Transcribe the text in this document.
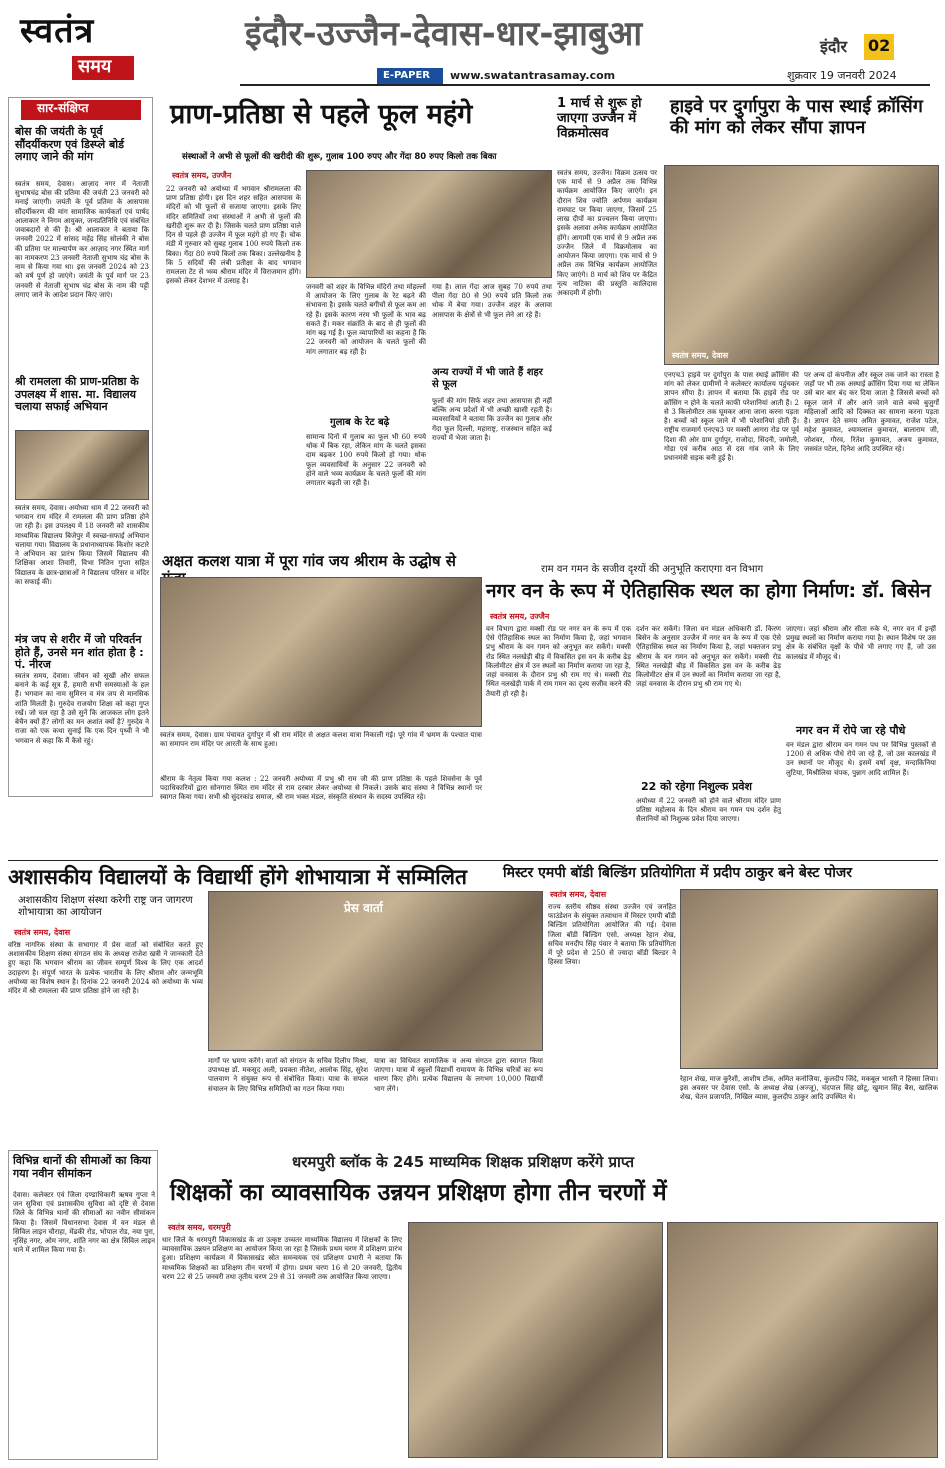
स्वतंत्र
समय
इंदौर-उज्जैन-देवास-धार-झाबुआ
E-PAPER www.swatantrasamay.com
इंदौर 02
शुक्रवार 19 जनवरी 2024
सार-संक्षिप्त
बोस की जयंती के पूर्व सौंदर्यीकरण एवं डिस्प्ले बोर्ड लगाए जाने की मांग
स्वतंत्र समय, देवास। आज़ाद नगर में नेताजी सुभाषचंद्र बोस की प्रतिमा की जयंती 23 जनवरी को मनाई जाएगी। जयंती के पूर्व प्रतिमा के आसपास सौंदर्यीकरण की मांग सामाजिक कार्यकर्ता एवं पार्षद आलाकार ने निगम आयुक्त, जनप्रतिनिधि एवं संबंधित जवाबदारों से की है। श्री आलाकार ने बताया कि जनवरी 2022 में सांसद महेंद्र सिंह सोलंकी ने बोस की प्रतिमा पर माल्यार्पण कर आज़ाद नगर स्थित मार्ग का नामकरण 23 जनवरी नेताजी सुभाष चंद्र बोस के नाम से किया गया था। इस जनवरी 2024 को 23 को वर्ष पूर्ण हो जाएंगे। जयंती के पूर्व मार्ग पर 23 जनवरी से नेताजी सुभाष चंद्र बोस के नाम की पट्टी लगाए जाने के आदेश प्रदान किए जाएं।
श्री रामलला की प्राण-प्रतिष्ठा के उपलक्ष्य में शास. मा. विद्यालय चलाया सफाई अभियान
स्वतंत्र समय, देवास। अयोध्या धाम में 22 जनवरी को भगवान राम मंदिर में रामलला की प्राण प्रतिष्ठा होने जा रही है। इस उपलक्ष्य में 18 जनवरी को शासकीय माध्यमिक विद्यालय बिजेपुर में स्वच्छ-सफाई अभियान चलाया गया। विद्यालय के प्रधानाध्यापक किशोर कटारे ने अभियान का प्रारंभ किया जिसमें विद्यालय की शिक्षिका आशा तिवारी, विभा नितिन गुप्ता सहित विद्यालय के छात्र-छात्राओं ने विद्यालय परिसर व मंदिर का सफाई की।
मंत्र जप से शरीर में जो परिवर्तन होते हैं, उनसे मन शांत होता है : पं. नीरज
स्वतंत्र समय, देवास। जीवन को सूखी और सफल बनाने के कई सूत्र हैं, हमारी सभी समस्याओं के हल हैं। भगवान का नाम सुमिरन व मंत्र जप से मानसिक शांति मिलती है। गुरुदेव राजयोग शिक्षा को कहा गुप्त रखें। जो चल रहा है उसे सुनें कि आजकल लोग इतने बेचैन क्यों हैं? लोगों का मन अशांत क्यों है? गुरुदेव ने राजा को एक कथा सुनाई कि एक दिन पृथ्वी ने भी भगवान से कहा कि मैं कैसे रहूं।
प्राण-प्रतिष्ठा से पहले फूल महंगे
संस्थाओं ने अभी से फूलों की खरीदी की शुरू, गुलाब 100 रुपए और गेंदा 80 रुपए किलो तक बिका
स्वतंत्र समय, उज्जैन
22 जनवरी को अयोध्या में भगवान श्रीरामलला की प्राण प्रतिष्ठा होगी। इस दिन शहर सहित आसपास के मंदिरों को भी फूलों से सजाया जाएगा। इसके लिए मंदिर समितियों तथा संस्थाओं ने अभी से फूलों की खरीदी शुरू कर दी है। जिसके चलते प्राण प्रतिष्ठा वाले दिन से पहले ही उज्जैन में फूल महंगे हो गए हैं। चोक मंडी में गुरुवार को सुबह गुलाब 100 रुपये किलो तक बिका। गेंदा 80 रुपये किलो तक बिका। उल्लेखनीय है कि 5 सदियों की लंबी प्रतीक्षा के बाद भगवान रामलला टेंट से भव्य श्रीराम मंदिर में विराजमान होंगे। इसको लेकर देशभर में उत्साह है।
जनवरी को शहर के विभिन्न मंदिरों तथा मोहल्लों में आयोजन के लिए गुलाब के रेट बढ़ने की संभावना है। इसके चलते बगीचों से फूल कम आ रहे हैं। इसके कारण नरम भी फूलों के भाव बढ़ सकते हैं। मकर संक्रांति के बाद से ही फूलों की मांग बढ़ गई है। फूल व्यापारियों का कहना है कि 22 जनवरी को आयोजन के चलते फूलों की मांग लगातार बढ़ रही है।
गया है। लाल गेंदा आज सुबह 70 रुपये तथा पीला गेंदा 80 से 90 रुपये प्रति किलो तक थोक में बेचा गया। उज्जैन शहर के अलावा आसपास के क्षेत्रों से भी फूल लेने आ रहे हैं।
गुलाब के रेट बढ़े
सामान्य दिनों में गुलाब का फूल भी 60 रुपये थोक में बिक रहा, लेकिन मांग के चलते इसका दाम बढ़कर 100 रुपये किलो हो गया। थोक फूल व्यवसायियों के अनुसार 22 जनवरी को होने वाले भव्य कार्यक्रम के चलते फूलों की मांग लगातार बढ़ती जा रही है।
अन्य राज्यों में भी जाते हैं शहर से फूल
फूलों की मांग सिर्फ शहर तथा आसपास ही नहीं बल्कि अन्य प्रदेशों में भी अच्छी खासी रहती है। व्यवसायियों ने बताया कि उज्जैन का गुलाब और गेंदा फूल दिल्ली, महाराष्ट्र, राजस्थान सहित कई राज्यों में भेजा जाता है।
1 मार्च से शुरू हो जाएगा उज्जैन में विक्रमोत्सव
स्वतंत्र समय, उज्जैन। विक्रम उत्सव पर एक मार्च से 9 अप्रैल तक विभिन्न कार्यक्रम आयोजित किए जाएंगे। इन दौरान शिव ज्योति अर्पणम कार्यक्रम रामघाट पर किया जाएगा, जिसमें 25 लाख दीपों का प्रज्वलन किया जाएगा। इसके अलावा अनेक कार्यक्रम आयोजित होंगे। आगामी एक मार्च से 9 अप्रैल तक उज्जैन जिले में विक्रमोत्सव का आयोजन किया जाएगा। एक मार्च से 9 अप्रैल तक विभिन्न कार्यक्रम आयोजित किए जाएंगे। 8 मार्च को शिव पर केंद्रित नृत्य नाटिका की प्रस्तुति कालिदास अकादमी में होगी।
हाइवे पर दुर्गापुरा के पास स्थाई क्रॉसिंग की मांग को लेकर सौंपा ज्ञापन
स्वतंत्र समय, देवास
एनएच3 हाइवे पर दुर्गापुरा के पास स्थाई क्रॉसिंग की मांग को लेकर ग्रामीणों ने कलेक्टर कार्यालय पहुंचकर ज्ञापन सौंपा है। ज्ञापन में बताया कि हाइवे रोड पर क्रॉसिंग न होने के चलते काफी परेशानियां आती हैं। 2 से 3 किलोमीटर तक घूमकर आना जाना करना पड़ता है। बच्चों को स्कूल जाने में भी परेशानियां होती हैं। राष्ट्रीय राजमार्ग एनएच3 पर मक्सी आगरा रोड पर पूर्व दिशा की ओर ग्राम दुर्गापुर, राजोदा, सिंदनी, जमोली, गोडा एवं करीब आठ से दस गांव जाने के लिए प्रधानमंत्री सड़क बनी हुई है।
पर अन्य दो कंपनीज और स्कूल तक जाने का रास्ता है जहाँ पर भी तक अस्थाई क्रॉसिंग दिया गया था लेकिन उसे बार बार बंद कर दिया जाता है जिससे बच्चों को स्कूल जाने में और आने जाने वाले बच्चे बुजुर्गों महिलाओं आदि को दिक्कत का सामना करना पड़ता है। ज्ञापन देते समय अमित कुमावत, राजेश पटेल, महेश कुमावत, श्यामलाल कुमावत, बालाराम जी, जोशवर, गौरव, रितेश कुमावत, अजय कुमावत, जसवंत पटेल, दिनेश आदि उपस्थित रहे।
अक्षत कलश यात्रा में पूरा गांव जय श्रीराम के उद्घोष से
स्वतंत्र समय, देवास। ग्राम पंचायत दुर्गापुर में श्री राम मंदिर से अक्षत कलश यात्रा निकाली गई। पूरे गांव में भ्रमण के पश्चात यात्रा का समापन राम मंदिर पर आरती के साथ हुआ।
श्रीराम के नेतृत्व किया गया कलश : 22 जनवरी अयोध्या में प्रभु श्री राम जी की प्राण प्रतिष्ठा के पहले शिवसेना के पूर्व पदाधिकारियों द्वारा सोनगारा स्थित राम मंदिर से राम दरबार लेकर अयोध्या से निकले। उसके बाद संस्था ने विभिन्न स्थानों पर स्वागत किया गया। सभी श्री सुंदरकांड समाज, श्री राम भक्त मंडल, संस्कृति संस्थान के सदस्य उपस्थित रहे।
राम वन गमन के सजीव दृश्यों की अनुभूति कराएगा वन विभाग
नगर वन के रूप में ऐतिहासिक स्थल का होगा निर्माण: डॉ. बिसेन
स्वतंत्र समय, उज्जैन
वन विभाग द्वारा मक्सी रोड पर नगर वन के रूप में एक ऐसे ऐतिहासिक स्थल का निर्माण किया है, जहां भगवान प्रभु श्रीराम के वन गमन को अनुभूत कर सकेंगे। मक्सी रोड स्थित नलखेड़ी बीड़ में विकसित इस वन के करीब ढेड़ किलोमीटर क्षेत्र में उन स्थलों का निर्माण कराया जा रहा है, जहां वनवास के दौरान प्रभु श्री राम गए थे। मक्सी रोड स्थित नलखेड़ी पार्क में राम गमन का दृश्य सजीव करने की तैयारी हो रही है।
दर्शन कर सकेंगे। जिला वन मंडल अधिकारी डॉ. किरण बिसेन के अनुसार उज्जैन में नगर वन के रूप में एक ऐसे ऐतिहासिक स्थल का निर्माण किया है, जहां भक्तजन प्रभु श्रीराम के वन गमन को अनुभूत कर सकेंगे। मक्सी रोड स्थित नलखेड़ी बीड़ में विकसित इस वन के करीब ढेड़ किलोमीटर क्षेत्र में उन स्थलों का निर्माण कराया जा रहा है, जहां वनवास के दौरान प्रभु श्री राम गए थे।
22 को रहेगा निशुल्क प्रवेश
अयोध्या में 22 जनवरी को होने वाले श्रीराम मंदिर प्राण प्रतिष्ठा महोत्सव के दिन श्रीराम वन गमन पथ दर्शन हेतु सैलानियों को निशुल्क प्रवेश दिया जाएगा।
जाएगा। जहां श्रीराम और सीता रुके थे, नगर वन में इन्हीं प्रमुख स्थलों का निर्माण कराया गया है। स्थान विशेष पर उस क्षेत्र के संबंधित वृक्षों के पौधे भी लगाए गए हैं, जो उस कालखंड में मौजूद थे।
नगर वन में रोपे जा रहे पौधे
वन मंडल द्वारा श्रीराम वन गमन पथ पर विभिन्न पुस्तकों से 1200 से अधिक पौधे रोपे जा रहे हैं, जो उस कालखंड में उन स्थानों पर मौजूद थे। इसमें वर्षा वृक्ष, मन्दाकिनिया लुटिया, मिश्रीलिया चंपक, पुन्नाग आदि शामिल हैं।
अशासकीय विद्यालयों के विद्यार्थी होंगे शोभायात्रा में सम्मिलित
अशासकीय शिक्षण संस्था करेगी राष्ट्र जन जागरण शोभायात्रा का आयोजन
स्वतंत्र समय, देवास
वरिष्ठ नागरिक संस्था के सभागार में प्रेस वार्ता को संबोधित करते हुए अशासकीय शिक्षण संस्था संगठन संघ के अध्यक्ष राजेश खत्री ने जानकारी देते हुए कहा कि भगवान श्रीराम का जीवन सम्पूर्ण विश्व के लिए एक आदर्श उदाहरण है। संपूर्ण भारत के प्रत्येक भारतीय के लिए श्रीराम और जन्मभूमि अयोध्या का विशेष स्थान है। दिनांक 22 जनवरी 2024 को अयोध्या के भव्य मंदिर में श्री रामलला की प्राण प्रतिष्ठा होने जा रही है।
प्रेस वार्ता
मार्गों पर भ्रमण करेंगे। वार्ता को संगठन के सचिव दिलीप मिश्रा, उपाध्यक्ष डॉ. मकसूद अली, प्रवक्ता नीतेश, आलोक सिंह, सुरेश पालवाण ने संयुक्त रूप से संबोधित किया। यात्रा के सफल संचालन के लिए विभिन्न समितियों का गठन किया गया।
यात्रा का विधिवत सामाजिक व अन्य संगठन द्वारा स्वागत किया जाएगा। यात्रा में स्कूलों विद्यार्थी रामायण के विभिन्न चरित्रों का रूप धारण किए होंगे। प्रत्येक विद्यालय के लगभग 10,000 विद्यार्थी भाग लेंगे।
मिस्टर एमपी बॉडी बिल्डिंग प्रतियोगिता में प्रदीप ठाकुर बने बेस्ट पोजर
स्वतंत्र समय, देवास
राज्य स्तरीय सौष्ठव संस्था उज्जैन एवं जनहित फाउंडेशन के संयुक्त तत्वाधान में मिस्टर एमपी बॉडी बिल्डिंग प्रतियोगिता आयोजित की गई। देवास जिला बॉडी बिल्डिंग एसो. अध्यक्ष रेहान शेख, सचिव मनदीप सिंह पंवार ने बताया कि प्रतियोगिता में पूरे प्रदेश से 250 से ज्यादा बॉडी बिल्डर ने हिस्सा लिया।
रेहान शेख, माज कुरैशी, आशीष टोंक, अमित कनोजिया, कुलदीप जिंदे, मकबूल भास्ती ने हिस्सा लिया। इस अवसर पर देवास एसो. के अध्यक्ष शेख (अज्जू), चंदपाल सिंह छोटू, खुमान सिंह बैस, खालिक शेख, चेतन प्रजापति, निखिल व्यास, कुलदीप ठाकुर आदि उपस्थित थे।
विभिन्न थानों की सीमाओं का किया गया नवीन सीमांकन
देवास। कलेक्टर एवं जिला दण्डाधिकारी ऋषव गुप्ता ने जन सुविधा एवं प्रशासकीय सुविधा को दृष्टि से देवास जिले के विभिन्न थानों की सीमाओं का नवीन सीमांकन किया है। जिसमें विधानसभा देवास में वन मंडल से सिविल लाइन चौराहा, मेंढकी रोड, भोपाल रोड, नया पुरा, नृसिंह नगर, ओम नगर, शांति नगर का क्षेत्र सिविल लाइन थाने में शामिल किया गया है।
धरमपुरी ब्लॉक के 245 माध्यमिक शिक्षक प्रशिक्षण करेंगे प्राप्त
शिक्षकों का व्यावसायिक उन्नयन प्रशिक्षण होगा तीन चरणों में
स्वतंत्र समय, धरमपुरी
धार जिले के धरमपुरी विकासखंड के शा उत्कृष्ट उच्चतर माध्यमिक विद्यालय में शिक्षकों के लिए व्यावसायिक उन्नयन प्रशिक्षण का आयोजन किया जा रहा है जिसके प्रथम चरण में प्रशिक्षण प्रारंभ हुआ। प्रशिक्षण कार्यक्रम में विकासखंड स्रोत समन्वयक एवं प्रशिक्षण प्रभारी ने बताया कि माध्यमिक शिक्षकों का प्रशिक्षण तीन चरणों में होगा। प्रथम चरण 16 से 20 जनवरी, द्वितीय चरण 22 से 25 जनवरी तथा तृतीय चरण 29 से 31 जनवरी तक आयोजित किया जाएगा।
